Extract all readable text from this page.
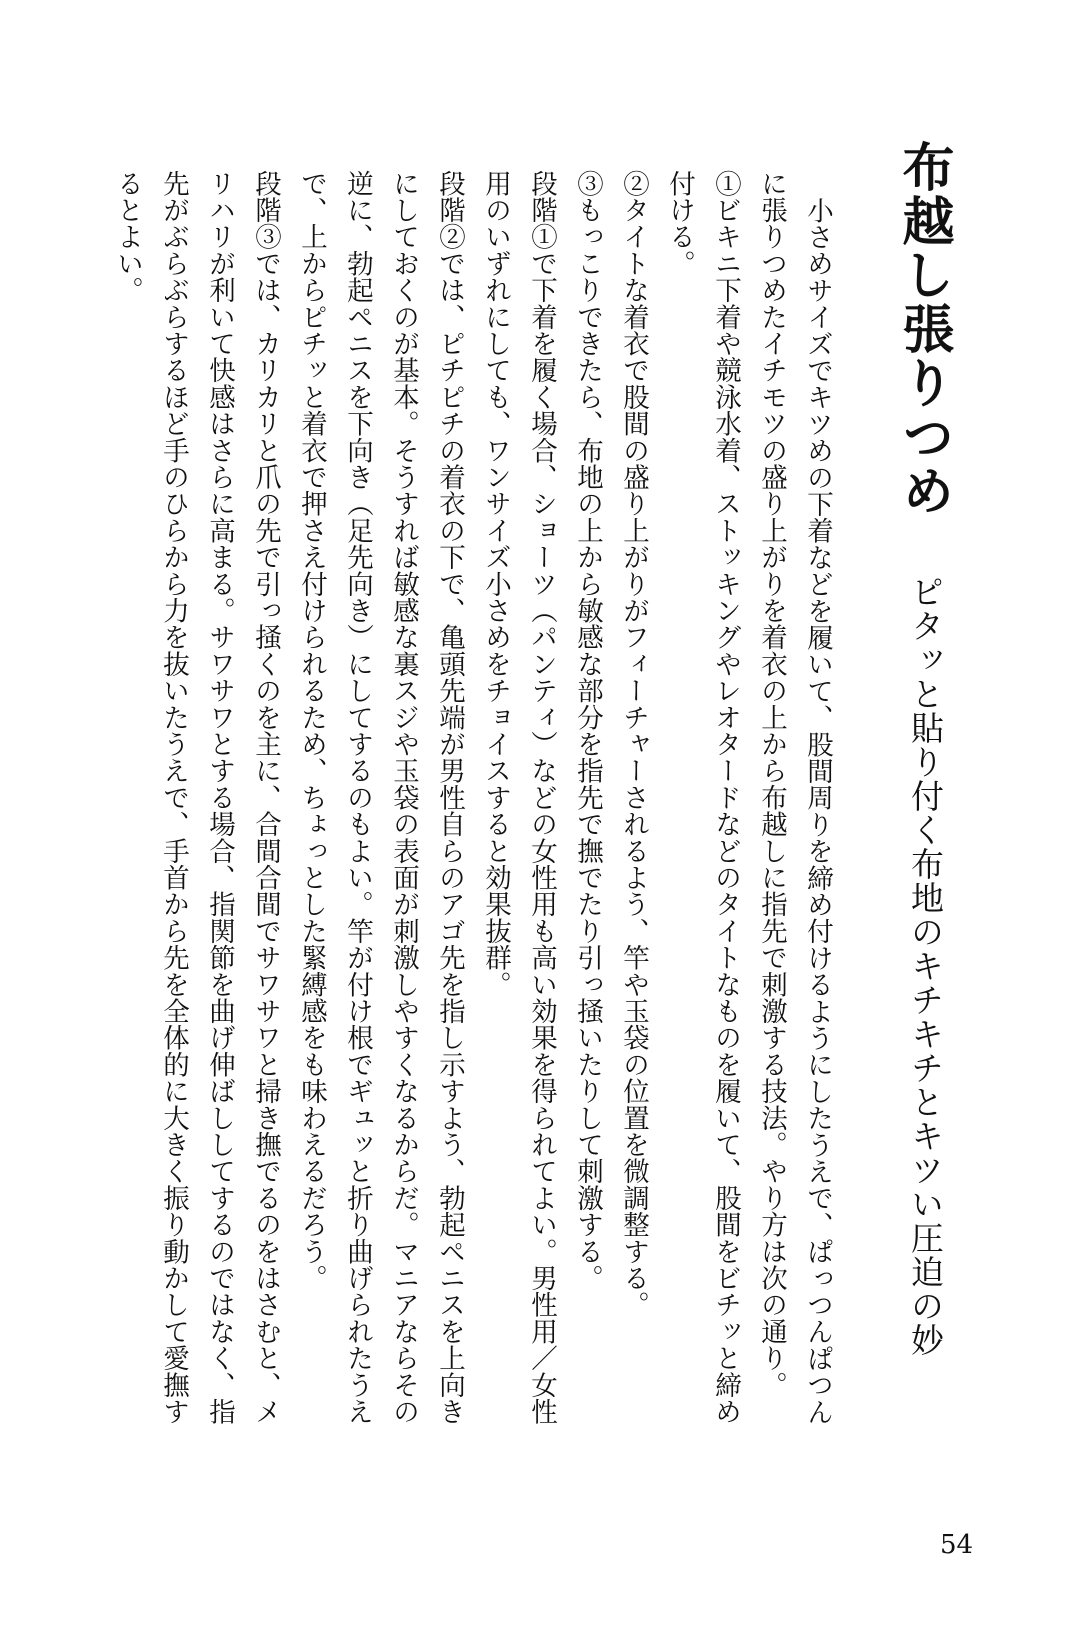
布越し張りつめ
ピタッと貼り付く布地のキチキチとキツい圧迫の妙

小さめサイズでキツめの下着などを履いて、股間周りを締め付けるようにしたうえで、ぱっつんぱつんに張りつめたイチモツの盛り上がりを着衣の上から布越しに指先で刺激する技法。やり方は次の通り。

①ビキニ下着や競泳水着、ストッキングやレオタードなどのタイトなものを履いて、股間をビチッと締め付ける。

②タイトな着衣で股間の盛り上がりがフィーチャーされるよう、竿や玉袋の位置を微調整する。

③もっこりできたら、布地の上から敏感な部分を指先で撫でたり引っ掻いたりして刺激する。

段階①で下着を履く場合、ショーツ（パンティ）などの女性用も高い効果を得られてよい。男性用／女性用のいずれにしても、ワンサイズ小さめをチョイスすると効果抜群。

段階②では、ピチピチの着衣の下で、亀頭先端が男性自らのアゴ先を指し示すよう、勃起ペニスを上向きにしておくのが基本。そうすれば敏感な裏スジや玉袋の表面が刺激しやすくなるからだ。マニアならその逆に、勃起ペニスを下向き（足先向き）にしてするのもよい。竿が付け根でギュッと折り曲げられたうえで、上からピチッと着衣で押さえ付けられるため、ちょっとした緊縛感をも味わえるだろう。

段階③では、カリカリと爪の先で引っ掻くのを主に、合間合間でサワサワと掃き撫でるのをはさむと、メリハリが利いて快感はさらに高まる。サワサワとする場合、指関節を曲げ伸ばししてするのではなく、指先がぶらぶらするほど手のひらから力を抜いたうえで、手首から先を全体的に大きく振り動かして愛撫するとよい。

54
